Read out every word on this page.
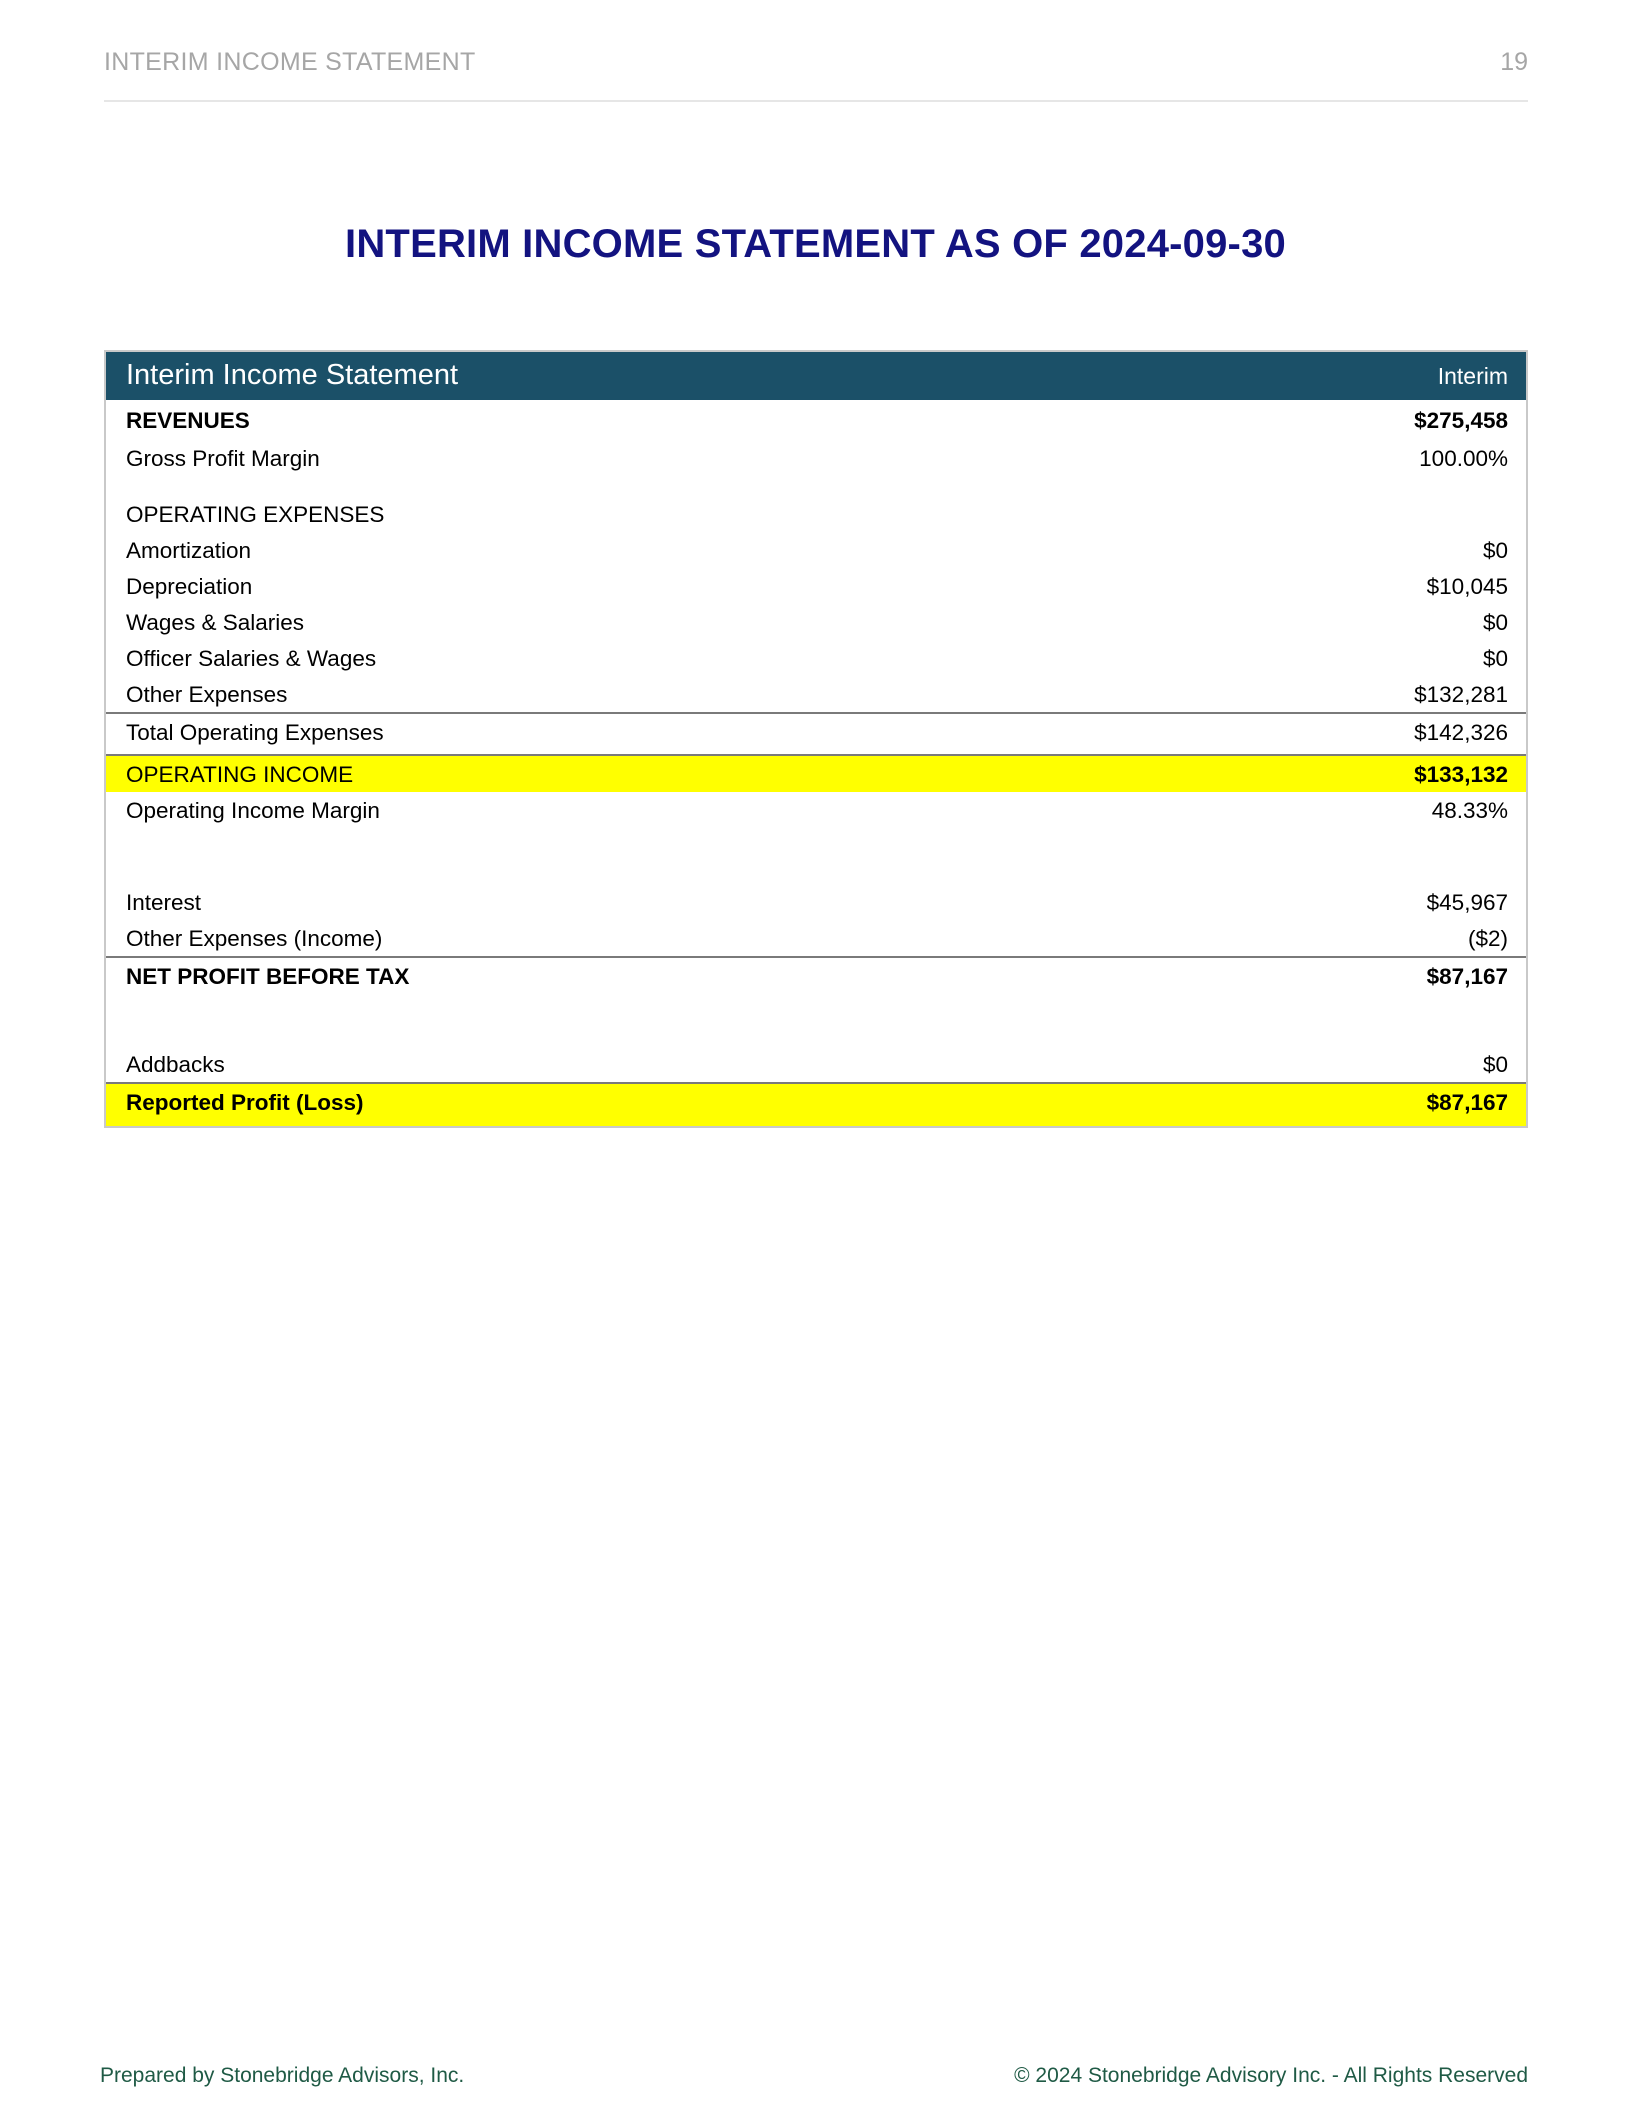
INTERIM INCOME STATEMENT	19
INTERIM INCOME STATEMENT AS OF 2024-09-30
Interim Income Statement	Interim
REVENUES	$275,458
Gross Profit Margin	100.00%
OPERATING EXPENSES
Amortization	$0
Depreciation	$10,045
Wages & Salaries	$0
Officer Salaries & Wages	$0
Other Expenses	$132,281
Total Operating Expenses	$142,326
OPERATING INCOME	$133,132
Operating Income Margin	48.33%
Interest	$45,967
Other Expenses (Income)	($2)
NET PROFIT BEFORE TAX	$87,167
Addbacks	$0
Reported Profit (Loss)	$87,167
Prepared by Stonebridge Advisors, Inc.	© 2024 Stonebridge Advisory Inc. - All Rights Reserved
